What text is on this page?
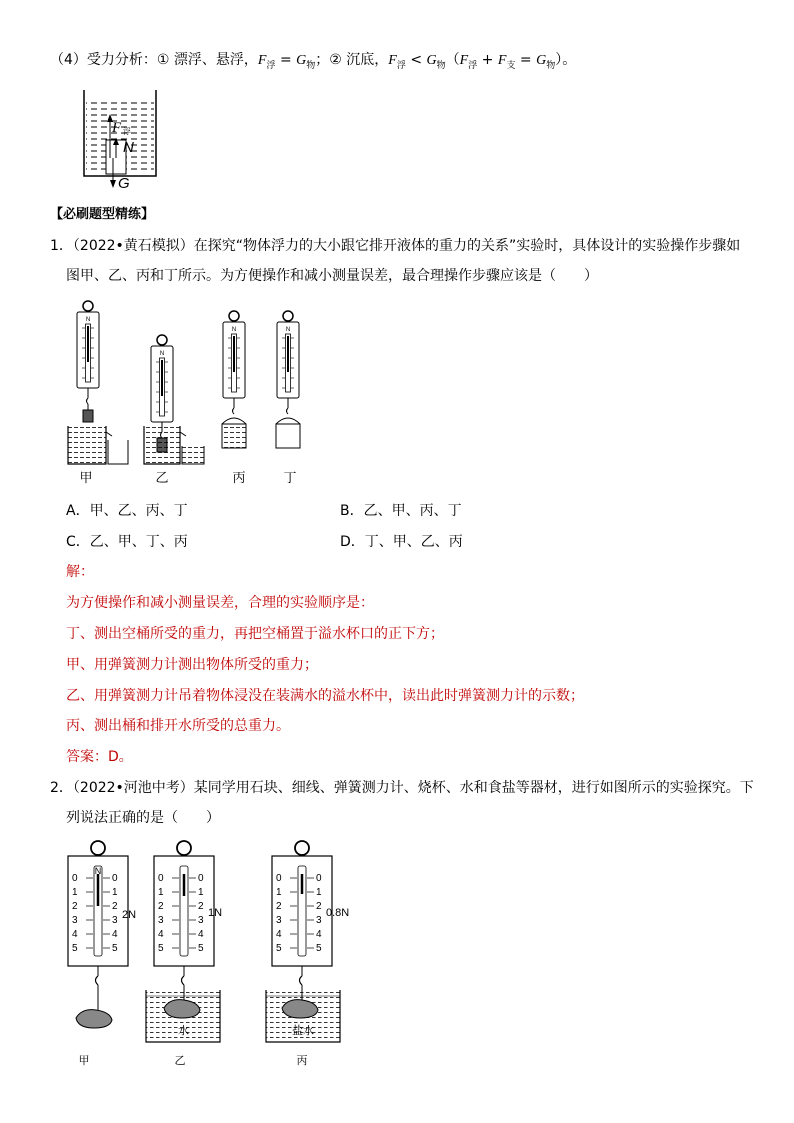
（4）受力分析：① 漂浮、悬浮，$F_浮 = G_物$；② 沉底，$F_浮 < G_物(F_浮 + F_支 = G_物)$。
F 浮
N
G
【必刷题型精练】
1．（2022•黄石模拟）在探究“物体浮力的大小跟它排开液体的重力的关系”实验时，具体设计的实验操作步骤如
图甲、乙、丙和丁所示。为方便操作和减小测量误差，最合理操作步骤应该是（　　）
N
甲	乙	丙	丁
A．甲、乙、丙、丁	B．乙、甲、丙、丁
C．乙、甲、丁、丙	D．丁、甲、乙、丙
解：
为方便操作和减小测量误差，合理的实验顺序是：
丁、测出空桶所受的重力，再把空桶置于溢水杯口的正下方；
甲、用弹簧测力计测出物体所受的重力；
乙、用弹簧测力计吊着物体浸没在装满水的溢水杯中，读出此时弹簧测力计的示数；
丙、测出桶和排开水所受的总重力。
答案：D。
2．（2022•河池中考）某同学用石块、细线、弹簧测力计、烧杯、水和食盐等器材，进行如图所示的实验探究。下
列说法正确的是（　　）
N
0
1
2
3
4
5
0
1
2
3
4
5
2N
0
1
2
3
4
5
0
1
2
3
4
5
1N
水
0
1
2
3
4
5
0
1
2
3
4
5
0.8N
盐水
甲	乙	丙
